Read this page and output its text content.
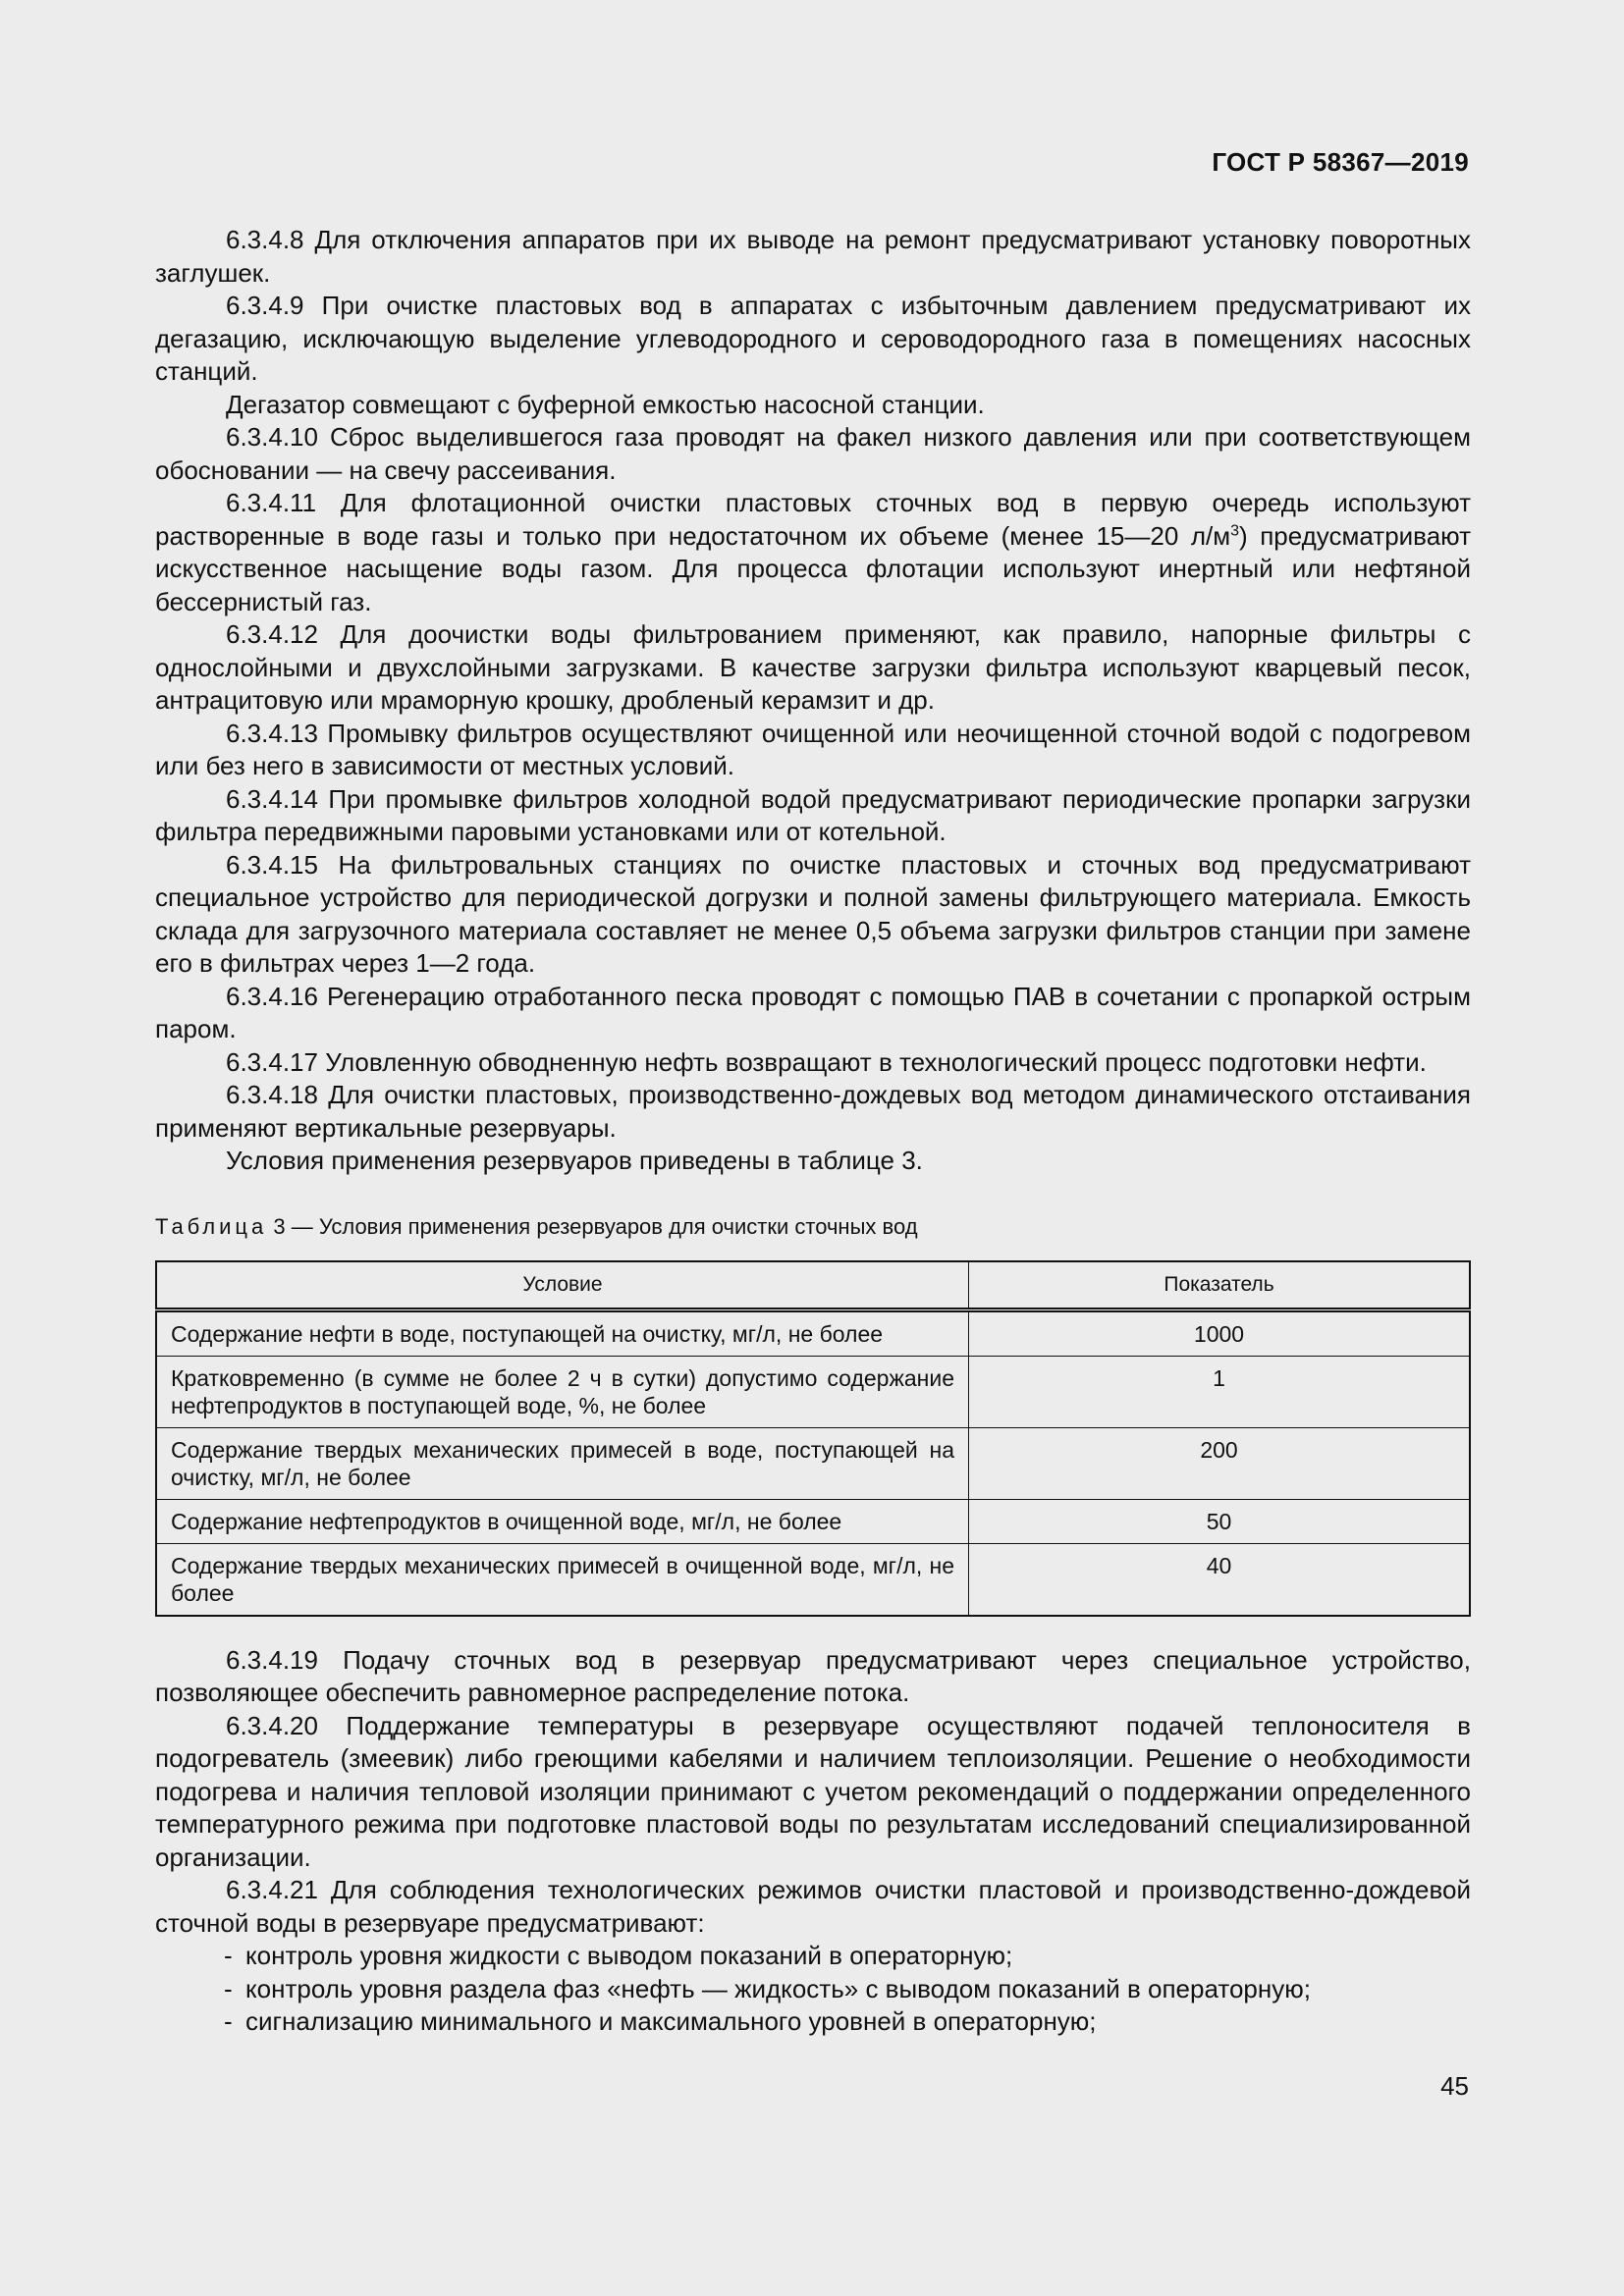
ГОСТ Р 58367—2019

6.3.4.8 Для отключения аппаратов при их выводе на ремонт предусматривают установку поворотных заглушек.

6.3.4.9 При очистке пластовых вод в аппаратах с избыточным давлением предусматривают их дегазацию, исключающую выделение углеводородного и сероводородного газа в помещениях насосных станций.

Дегазатор совмещают с буферной емкостью насосной станции.

6.3.4.10 Сброс выделившегося газа проводят на факел низкого давления или при соответствующем обосновании — на свечу рассеивания.

6.3.4.11 Для флотационной очистки пластовых сточных вод в первую очередь используют растворенные в воде газы и только при недостаточном их объеме (менее 15—20 $л/м^3$) предусматривают искусственное насыщение воды газом. Для процесса флотации используют инертный или нефтяной бессернистый газ.

6.3.4.12 Для доочистки воды фильтрованием применяют, как правило, напорные фильтры с однослойными и двухслойными загрузками. В качестве загрузки фильтра используют кварцевый песок, антрацитовую или мраморную крошку, дробленый керамзит и др.

6.3.4.13 Промывку фильтров осуществляют очищенной или неочищенной сточной водой с подогревом или без него в зависимости от местных условий.

6.3.4.14 При промывке фильтров холодной водой предусматривают периодические пропарки загрузки фильтра передвижными паровыми установками или от котельной.

6.3.4.15 На фильтровальных станциях по очистке пластовых и сточных вод предусматривают специальное устройство для периодической догрузки и полной замены фильтрующего материала. Емкость склада для загрузочного материала составляет не менее 0,5 объема загрузки фильтров станции при замене его в фильтрах через 1—2 года.

6.3.4.16 Регенерацию отработанного песка проводят с помощью ПАВ в сочетании с пропаркой острым паром.

6.3.4.17 Уловленную обводненную нефть возвращают в технологический процесс подготовки нефти.

6.3.4.18 Для очистки пластовых, производственно-дождевых вод методом динамического отстаивания применяют вертикальные резервуары.

Условия применения резервуаров приведены в таблице 3.

Таблица 3 — Условия применения резервуаров для очистки сточных вод
Условие	Показатель
Содержание нефти в воде, поступающей на очистку, мг/л, не более	1000
Кратковременно (в сумме не более 2 ч в сутки) допустимо содержание нефтепродуктов в поступающей воде, %, не более	1
Содержание твердых механических примесей в воде, поступающей на очистку, мг/л, не более	200
Содержание нефтепродуктов в очищенной воде, мг/л, не более	50
Содержание твердых механических примесей в очищенной воде, мг/л, не более	40

6.3.4.19 Подачу сточных вод в резервуар предусматривают через специальное устройство, позволяющее обеспечить равномерное распределение потока.

6.3.4.20 Поддержание температуры в резервуаре осуществляют подачей теплоносителя в подогреватель (змеевик) либо греющими кабелями и наличием теплоизоляции. Решение о необходимости подогрева и наличия тепловой изоляции принимают с учетом рекомендаций о поддержании определенного температурного режима при подготовке пластовой воды по результатам исследований специализированной организации.

6.3.4.21 Для соблюдения технологических режимов очистки пластовой и производственно-дождевой сточной воды в резервуаре предусматривают:

- контроль уровня жидкости с выводом показаний в операторную;

- контроль уровня раздела фаз «нефть — жидкость» с выводом показаний в операторную;

- сигнализацию минимального и максимального уровней в операторную;

45
